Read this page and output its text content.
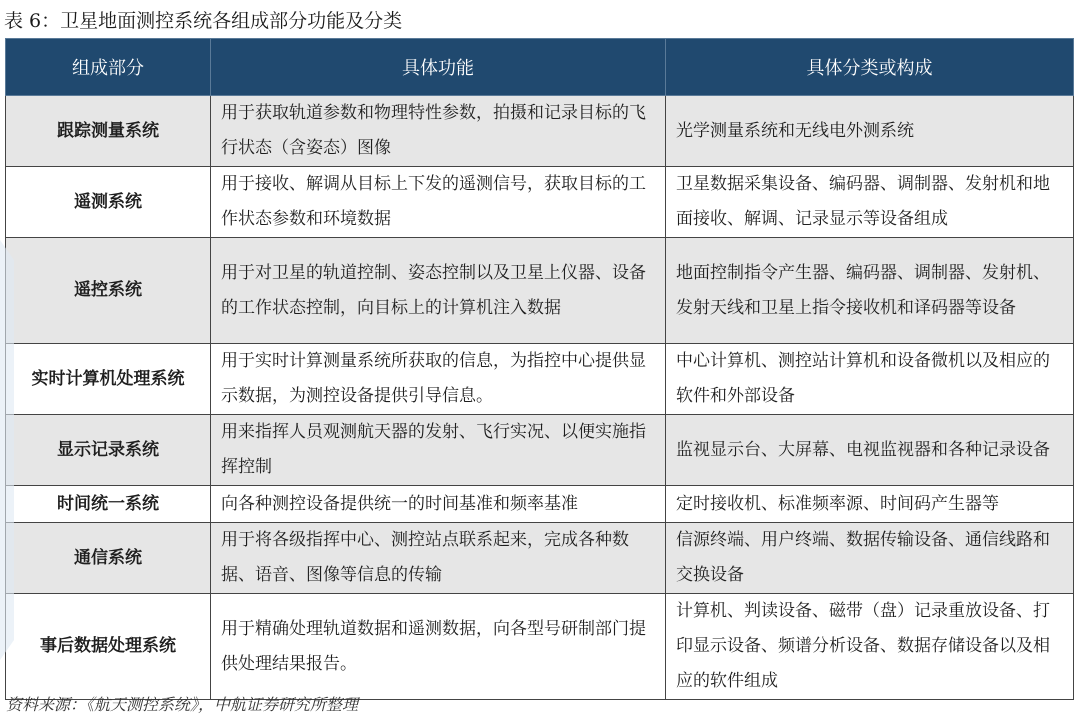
表 6：卫星地面测控系统各组成部分功能及分类
组成部分	具体功能	具体分类或构成
跟踪测量系统	用于获取轨道参数和物理特性参数，拍摄和记录目标的飞行状态（含姿态）图像	光学测量系统和无线电外测系统
遥测系统	用于接收、解调从目标上下发的遥测信号，获取目标的工作状态参数和环境数据	卫星数据采集设备、编码器、调制器、发射机和地面接收、解调、记录显示等设备组成
遥控系统	用于对卫星的轨道控制、姿态控制以及卫星上仪器、设备的工作状态控制，向目标上的计算机注入数据	地面控制指令产生器、编码器、调制器、发射机、发射天线和卫星上指令接收机和译码器等设备
实时计算机处理系统	用于实时计算测量系统所获取的信息，为指控中心提供显示数据，为测控设备提供引导信息。	中心计算机、测控站计算机和设备微机以及相应的软件和外部设备
显示记录系统	用来指挥人员观测航天器的发射、飞行实况、以便实施指挥控制	监视显示台、大屏幕、电视监视器和各种记录设备
时间统一系统	向各种测控设备提供统一的时间基准和频率基准	定时接收机、标准频率源、时间码产生器等
通信系统	用于将各级指挥中心、测控站点联系起来，完成各种数据、语音、图像等信息的传输	信源终端、用户终端、数据传输设备、通信线路和交换设备
事后数据处理系统	用于精确处理轨道数据和遥测数据，向各型号研制部门提供处理结果报告。	计算机、判读设备、磁带（盘）记录重放设备、打印显示设备、频谱分析设备、数据存储设备以及相应的软件组成
资料来源：《航天测控系统》，中航证券研究所整理
